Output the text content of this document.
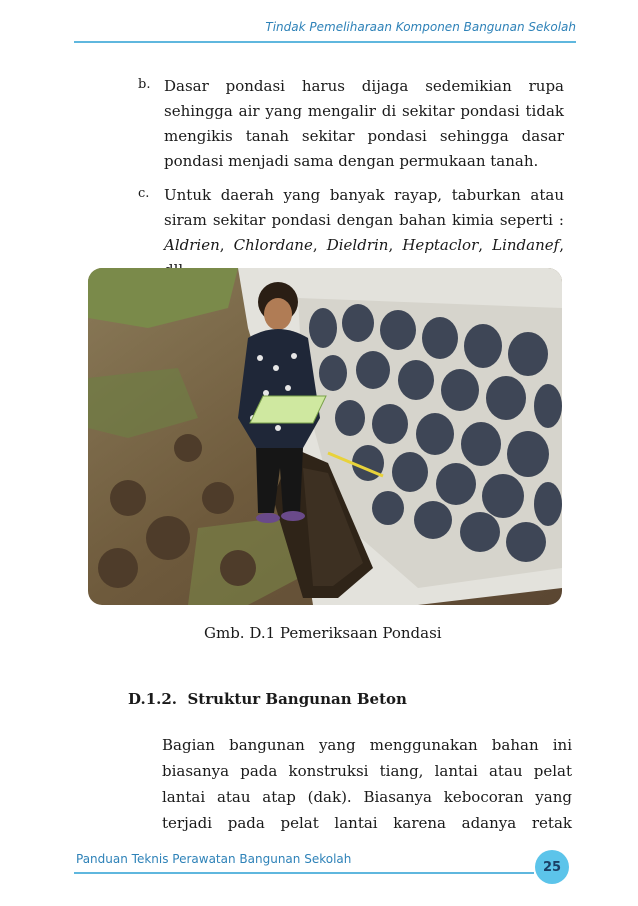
Tindak Pemeliharaan Komponen Bangunan Sekolah
b. Dasar pondasi harus dijaga sedemikian rupa sehingga air yang mengalir di sekitar pondasi tidak mengikis tanah sekitar pondasi sehingga dasar
pondasi menjadi sama dengan permukaan tanah.
c. Untuk daerah yang banyak rayap, taburkan atau siram sekitar pondasi dengan bahan kimia seperti : Aldrien, Chlordane, Dieldrin, Heptaclor, Lindanef,
Gmb. D.1 Pemeriksaan Pondasi
D.1.2. Struktur Bangunan Beton
Bagian bangunan yang menggunakan bahan ini biasanya pada konstruksi tiang, lantai atau pelat lantai atau atap (dak). Biasanya kebocoran yang terjadi pada pelat lantai karena adanya retak
Panduan Teknis Perawatan Bangunan Sekolah
25
